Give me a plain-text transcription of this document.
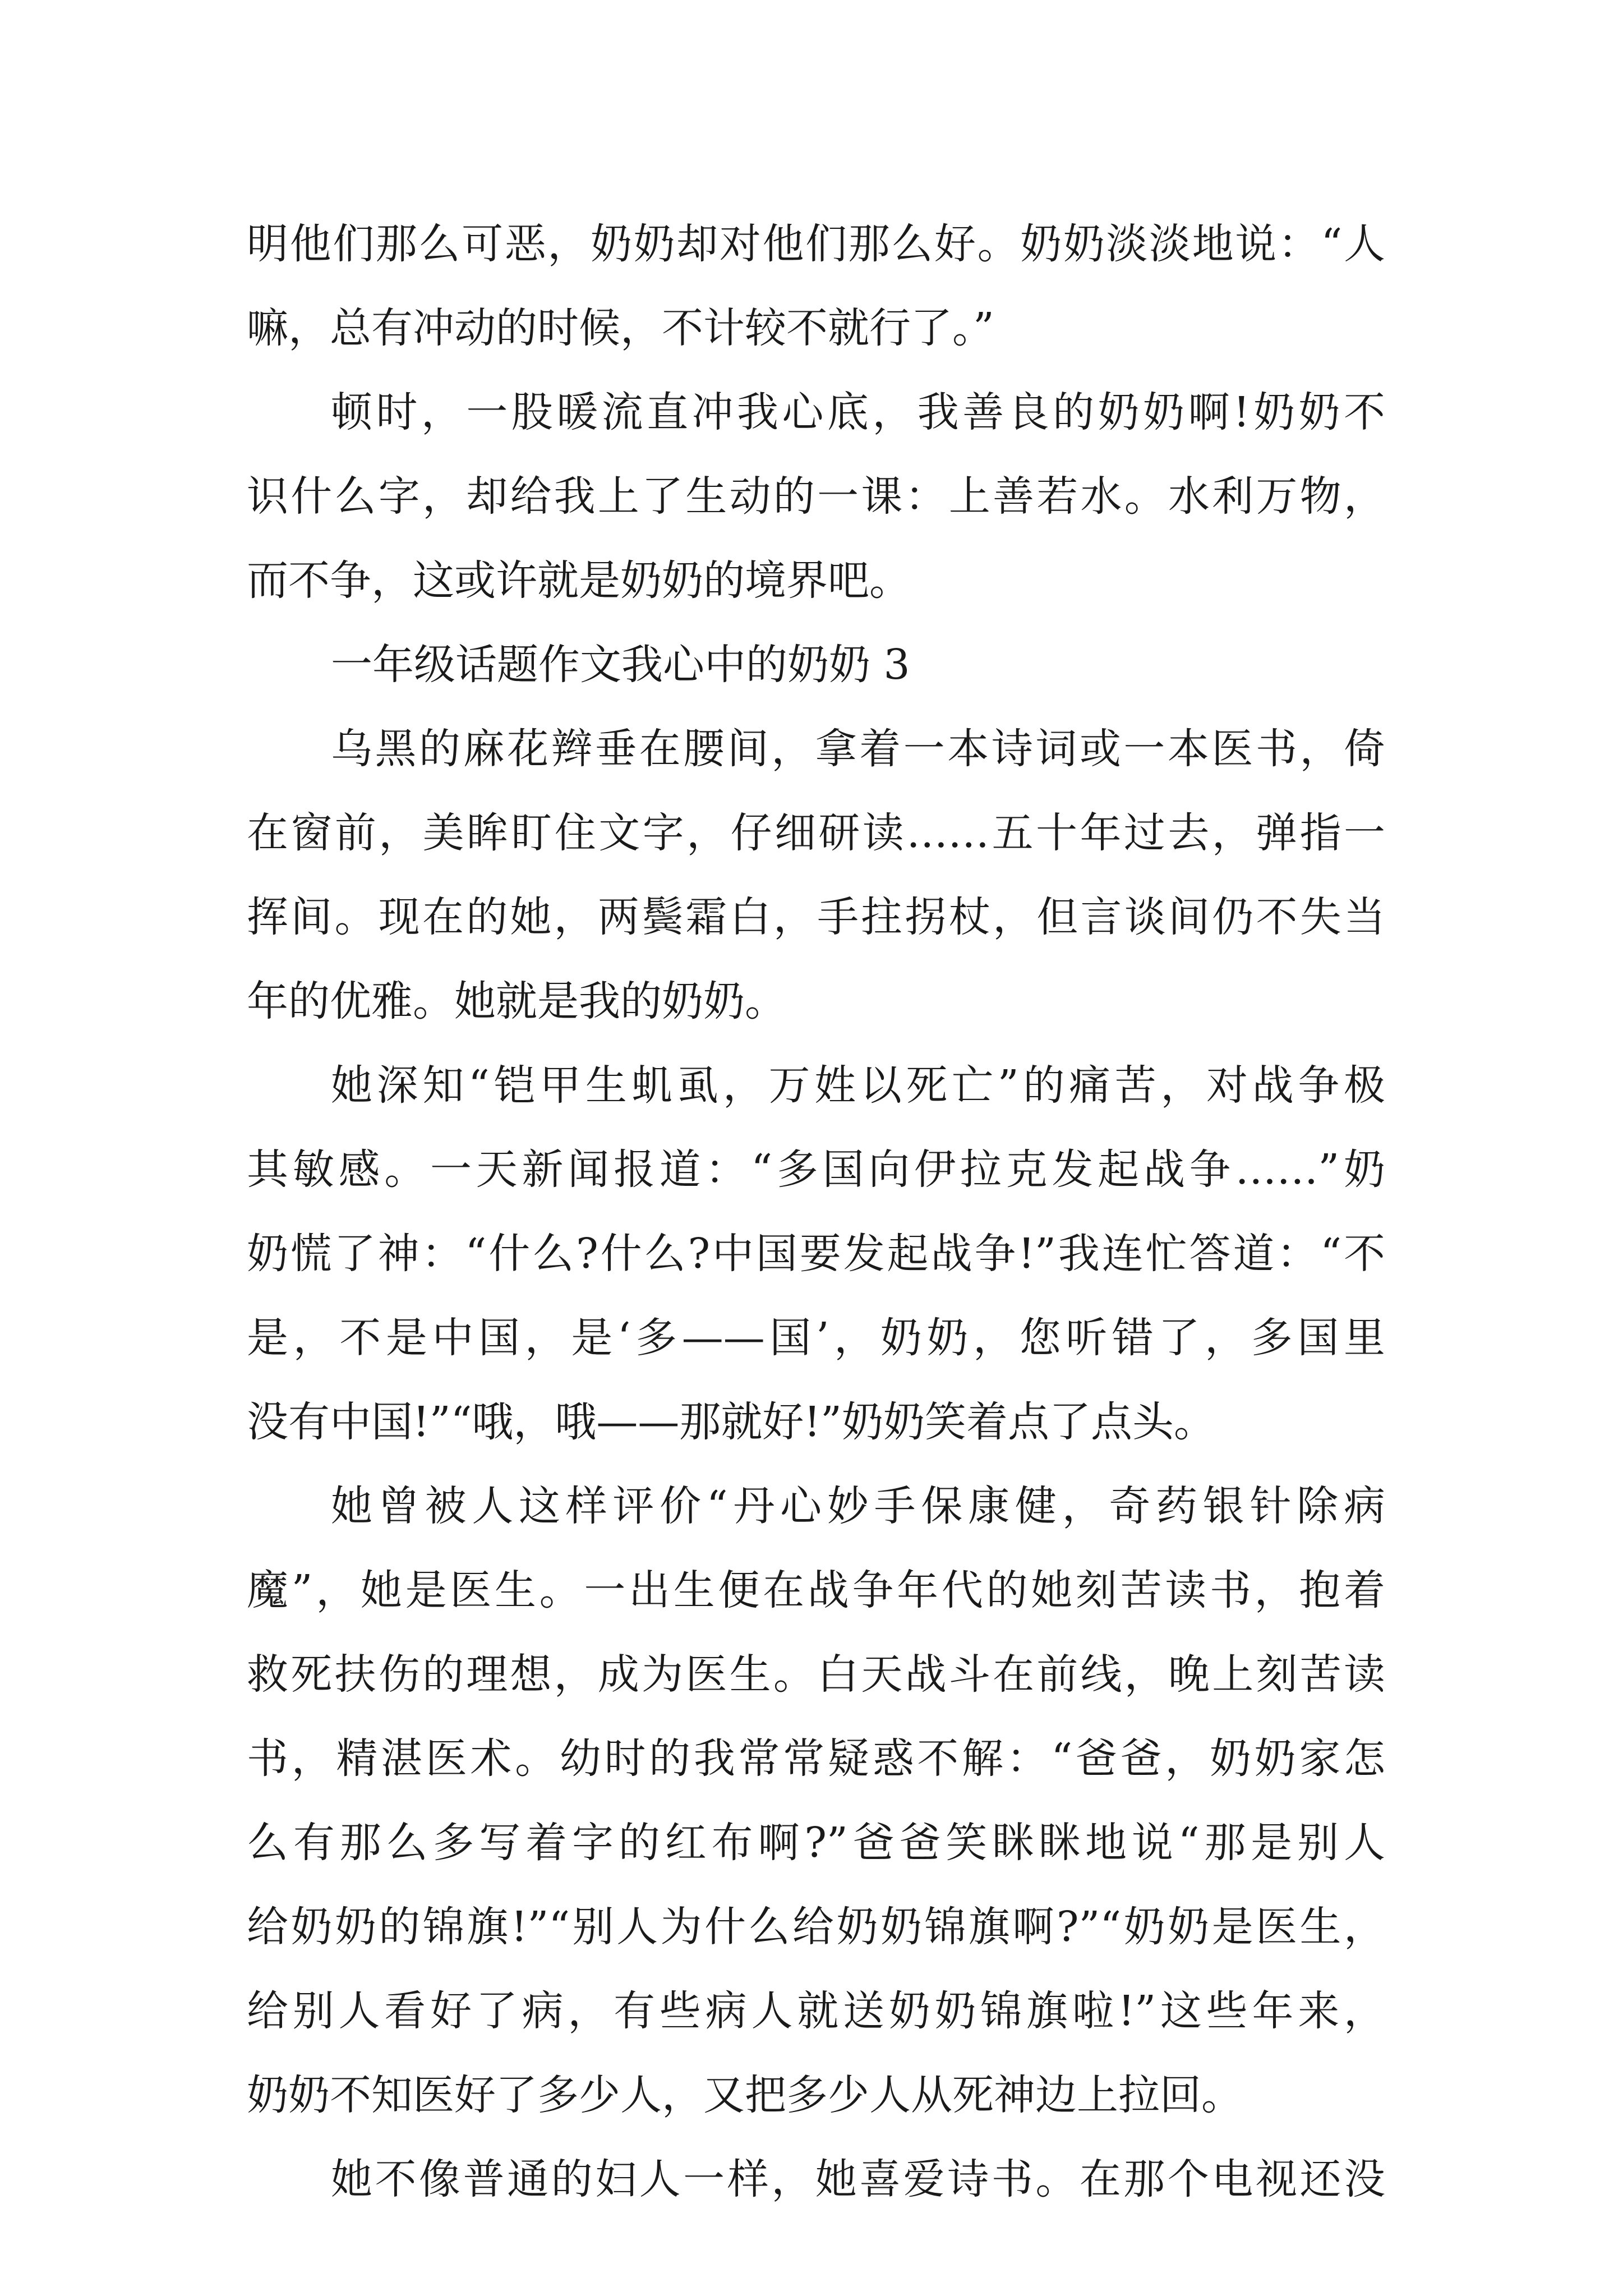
明他们那么可恶，奶奶却对他们那么好。奶奶淡淡地说：“人
嘛，总有冲动的时候，不计较不就行了。”
顿时，一股暖流直冲我心底，我善良的奶奶啊!奶奶不
识什么字，却给我上了生动的一课：上善若水。水利万物，
而不争，这或许就是奶奶的境界吧。
一年级话题作文我心中的奶奶 3
乌黑的麻花辫垂在腰间，拿着一本诗词或一本医书，倚
在窗前，美眸盯住文字，仔细研读……五十年过去，弹指一
挥间。现在的她，两鬓霜白，手拄拐杖，但言谈间仍不失当
年的优雅。她就是我的奶奶。
她深知“铠甲生虮虱，万姓以死亡”的痛苦，对战争极
其敏感。一天新闻报道：“多国向伊拉克发起战争……”奶
奶慌了神：“什么?什么?中国要发起战争!”我连忙答道：“不
是，不是中国，是‘多——国’，奶奶，您听错了，多国里
没有中国!”“哦，哦——那就好!”奶奶笑着点了点头。
她曾被人这样评价“丹心妙手保康健，奇药银针除病
魔”，她是医生。一出生便在战争年代的她刻苦读书，抱着
救死扶伤的理想，成为医生。白天战斗在前线，晚上刻苦读
书，精湛医术。幼时的我常常疑惑不解：“爸爸，奶奶家怎
么有那么多写着字的红布啊?”爸爸笑眯眯地说“那是别人
给奶奶的锦旗!”“别人为什么给奶奶锦旗啊?”“奶奶是医生，
给别人看好了病，有些病人就送奶奶锦旗啦!”这些年来，
奶奶不知医好了多少人，又把多少人从死神边上拉回。
她不像普通的妇人一样，她喜爱诗书。在那个电视还没
